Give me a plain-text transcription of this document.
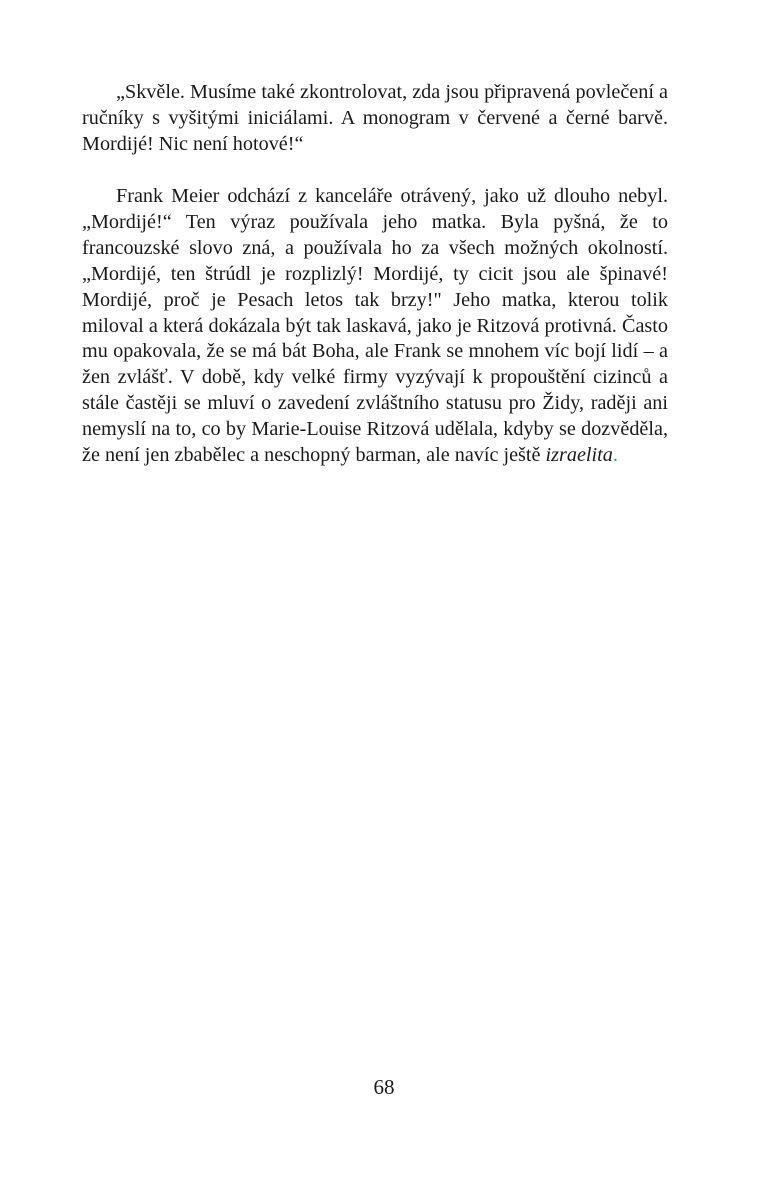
„Skvěle. Musíme také zkontrolovat, zda jsou připravená povlečení a ručníky s vyšitými iniciálami. A monogram v červené a černé barvě. Mordijé! Nic není hotové!“

Frank Meier odchází z kanceláře otrávený, jako už dlouho nebyl. „Mordijé!“ Ten výraz používala jeho matka. Byla pyšná, že to francouzské slovo zná, a používala ho za všech možných okolností. „Mordijé, ten štrúdl je rozplizlý! Mordijé, ty cicit jsou ale špinavé! Mordijé, proč je Pesach letos tak brzy!" Jeho matka, kterou tolik miloval a která dokázala být tak laskavá, jako je Ritzová protivná. Často mu opakovala, že se má bát Boha, ale Frank se mnohem víc bojí lidí – a žen zvlášť. V době, kdy velké firmy vyzývají k propouštění cizinců a stále častěji se mluví o zavedení zvláštního statusu pro Židy, raději ani nemyslí na to, co by Marie-Louise Ritzová udělala, kdyby se dozvěděla, že není jen zbabělec a neschopný barman, ale navíc ještě izraelita.

68
